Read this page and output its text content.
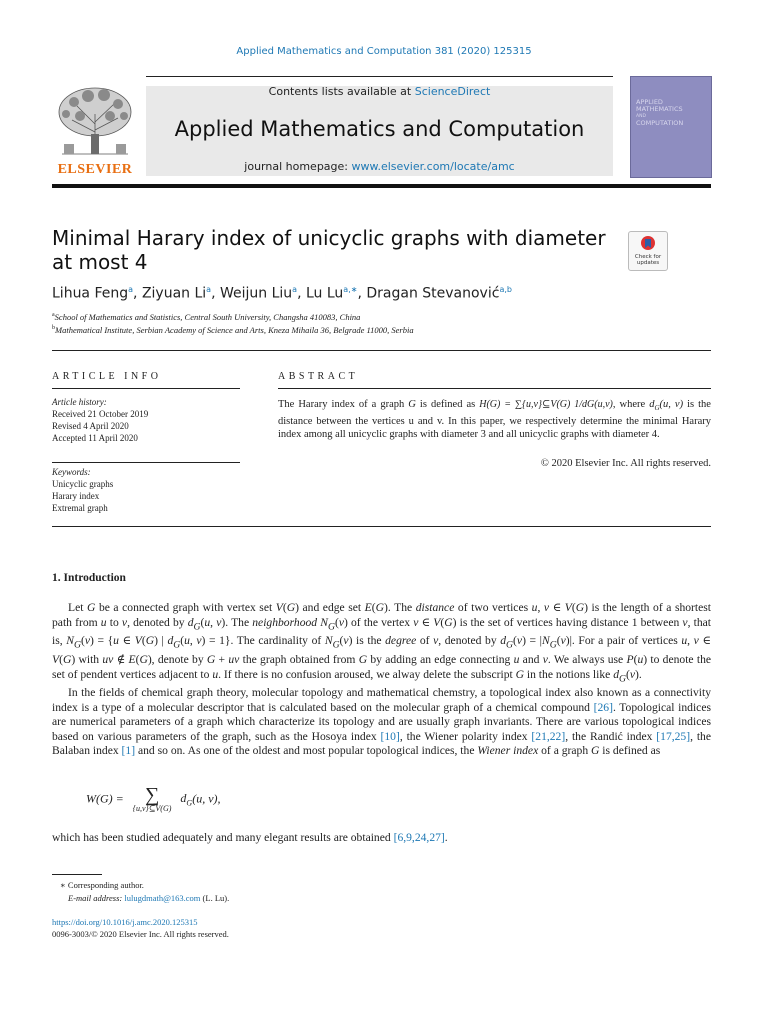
Applied Mathematics and Computation 381 (2020) 125315
ELSEVIER
Contents lists available at ScienceDirect
Applied Mathematics and Computation
journal homepage: www.elsevier.com/locate/amc
APPLIED
MATHEMATICS
AND
COMPUTATION
Minimal Harary index of unicyclic graphs with diameter at most 4	Check for
updates
Lihua Feng$^a$, Ziyuan Li$^a$, Weijun Liu$^a$, Lu $Lu^{a,∗}$, Dragan Stevanović$^{a,b}$
$^a$School of Mathematics and Statistics, Central South University, Changsha 410083, China
$^b$Mathematical Institute, Serbian Academy of Science and Arts, Kneza Mihaila 36, Belgrade 11000, Serbia
ARTICLE INFO
Article history:
Received 21 October 2019
Revised 4 April 2020
Accepted 11 April 2020
Keywords:
Unicyclic graphs
Harary index
Extremal graph
ABSTRACT
The Harary index of a graph G is defined as H(G) = ∑{u,v}⊆V(G) 1/dG(u,v), where $d_G(u$, v) is the distance between the vertices u and v. In this paper, we respectively determine the minimal Harary index among all unicyclic graphs with diameter 3 and all unicyclic graphs with diameter 4.
© 2020 Elsevier Inc. All rights reserved.
1. Introduction

Let G be a connected graph with vertex set V(G) and edge set E(G). The distance of two vertices u, v ∈ V(G) is the length of a shortest path from u to v, denoted by $d_G(u$, v). The neighborhood $N_G(v)$ of the vertex v ∈ V(G) is the set of vertices having distance 1 between v, that is, $N_G(v) = \{u$ ∈ V(G) | $d_G(u$, v) = 1}. The cardinality of $N_G(v)$ is the degree of v, denoted by $d_G(v) = |N_G(v)|$. For a pair of vertices u, v ∈ V(G) with uv ∉ E(G), denote by G + uv the graph obtained from G by adding an edge connecting u and v. We always use P(u) to denote the set of pendent vertices adjacent to u. If there is no confusion aroused, we alway delete the subscript G in the notions like $d_G(v)$.

In the fields of chemical graph theory, molecular topology and mathematical chemstry, a topological index also known as a connectivity index is a type of a molecular descriptor that is calculated based on the molecular graph of a chemical compound [26]. Topological indices are numerical parameters of a graph which characterize its topology and are usually graph invariants. There are various topological indices based on various parameters of the graph, such as the Hosoya index [10], the Wiener polarity index [21,22], the Randić index [17,25], the Balaban index [1] and so on. As one of the oldest and most popular topological indices, the Wiener index of a graph G is defined as

W(G) = ∑
{u,v}⊆V(G)
$d_G(u$, v),
which has been studied adequately and many elegant results are obtained [6,9,24,27].
∗ Corresponding author.
E-mail address: lulugdmath@163.com (L. Lu).
https://doi.org/10.1016/j.amc.2020.125315
0096-3003/© 2020 Elsevier Inc. All rights reserved.
